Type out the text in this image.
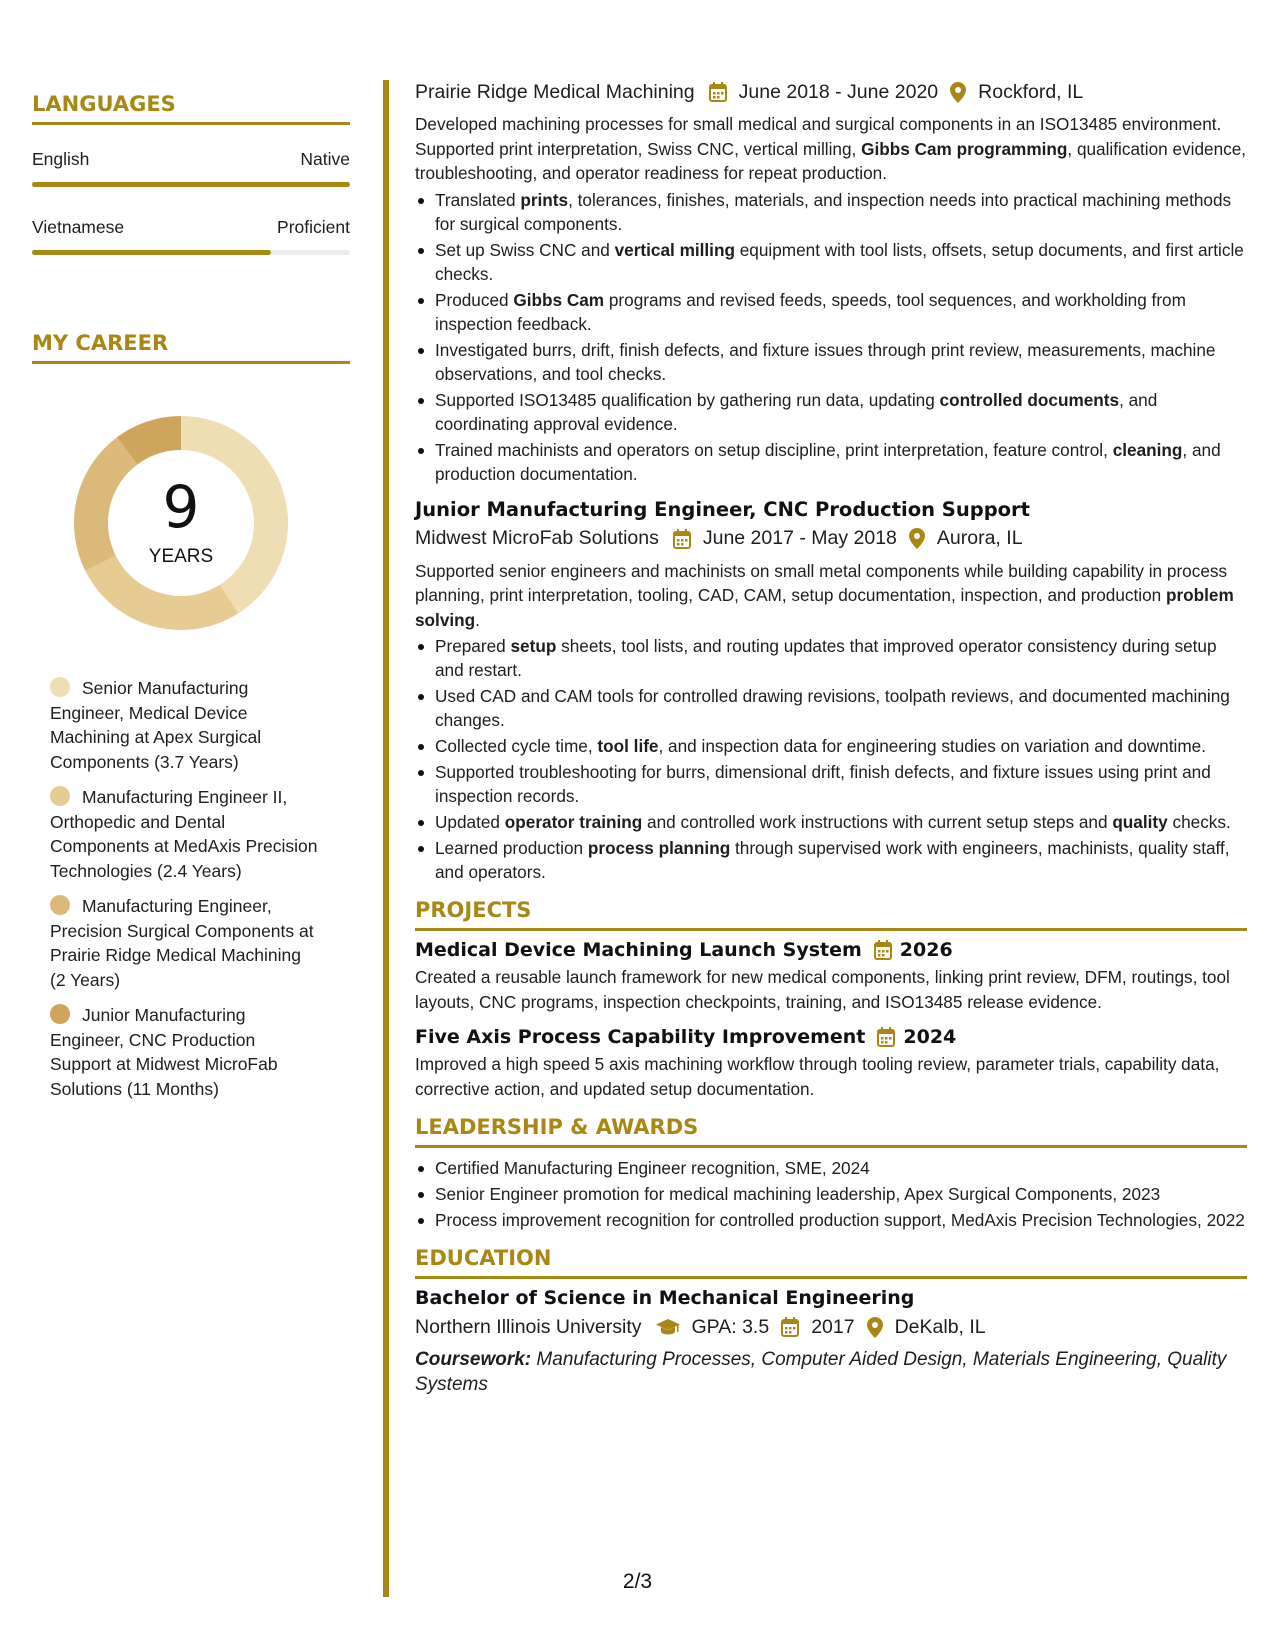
LANGUAGES
English	Native
Vietnamese	Proficient
MY CAREER
9
YEARS
Senior Manufacturing Engineer, Medical Device Machining at Apex Surgical Components (3.7 Years)
Manufacturing Engineer II, Orthopedic and Dental Components at MedAxis Precision Technologies (2.4 Years)
Manufacturing Engineer, Precision Surgical Components at Prairie Ridge Medical Machining (2 Years)
Junior Manufacturing Engineer, CNC Production Support at Midwest MicroFab Solutions (11 Months)
Prairie Ridge Medical Machining June 2018 - June 2020 Rockford, IL

Developed machining processes for small medical and surgical components in an ISO13485 environment. Supported print interpretation, Swiss CNC, vertical milling, Gibbs Cam programming, qualification evidence, troubleshooting, and operator readiness for repeat production.

Translated prints, tolerances, finishes, materials, and inspection needs into practical machining methods for surgical components.
Set up Swiss CNC and vertical milling equipment with tool lists, offsets, setup documents, and first article checks.
Produced Gibbs Cam programs and revised feeds, speeds, tool sequences, and workholding from inspection feedback.
Investigated burrs, drift, finish defects, and fixture issues through print review, measurements, machine observations, and tool checks.
Supported ISO13485 qualification by gathering run data, updating controlled documents, and coordinating approval evidence.
Trained machinists and operators on setup discipline, print interpretation, feature control, cleaning, and production documentation.
Junior Manufacturing Engineer, CNC Production Support
Midwest MicroFab Solutions June 2017 - May 2018 Aurora, IL

Supported senior engineers and machinists on small metal components while building capability in process planning, print interpretation, tooling, CAD, CAM, setup documentation, inspection, and production problem solving.

Prepared setup sheets, tool lists, and routing updates that improved operator consistency during setup and restart.
Used CAD and CAM tools for controlled drawing revisions, toolpath reviews, and documented machining changes.
Collected cycle time, tool life, and inspection data for engineering studies on variation and downtime.
Supported troubleshooting for burrs, dimensional drift, finish defects, and fixture issues using print and inspection records.
Updated operator training and controlled work instructions with current setup steps and quality checks.
Learned production process planning through supervised work with engineers, machinists, quality staff, and operators.
PROJECTS
Medical Device Machining Launch System 2026

Created a reusable launch framework for new medical components, linking print review, DFM, routings, tool layouts, CNC programs, inspection checkpoints, training, and ISO13485 release evidence.

Five Axis Process Capability Improvement 2024

Improved a high speed 5 axis machining workflow through tooling review, parameter trials, capability data, corrective action, and updated setup documentation.

LEADERSHIP & AWARDS
Certified Manufacturing Engineer recognition, SME, 2024
Senior Engineer promotion for medical machining leadership, Apex Surgical Components, 2023
Process improvement recognition for controlled production support, MedAxis Precision Technologies, 2022
EDUCATION
Bachelor of Science in Mechanical Engineering
Northern Illinois University	GPA: 3.5 2017 DeKalb, IL

Coursework: Manufacturing Processes, Computer Aided Design, Materials Engineering, Quality Systems

2/3
